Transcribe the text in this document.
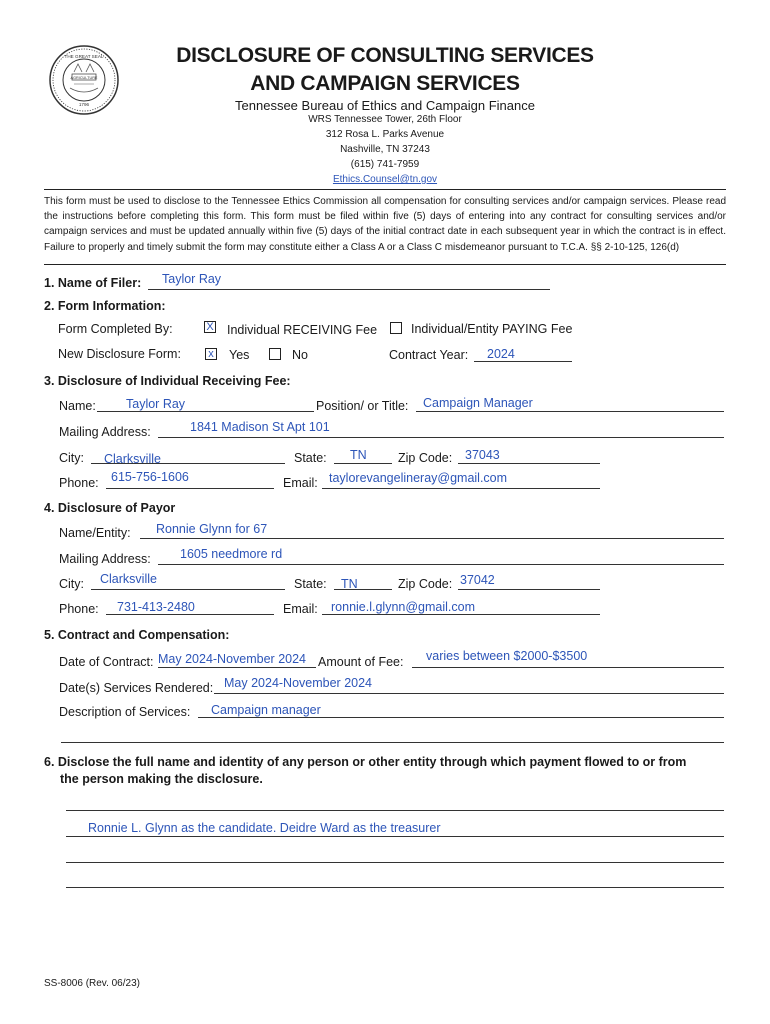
THE GREAT SEAL
AGRICULTURE
1796
DISCLOSURE OF CONSULTING SERVICES
AND CAMPAIGN SERVICES
Tennessee Bureau of Ethics and Campaign Finance
WRS Tennessee Tower, 26th Floor
312 Rosa L. Parks Avenue
Nashville, TN 37243
(615) 741-7959
Ethics.Counsel@tn.gov
This form must be used to disclose to the Tennessee Ethics Commission all compensation for consulting services and/or campaign services. Please read the instructions before completing this form. This form must be filed within five (5) days of entering into any contract for consulting services and/or campaign services and must be updated annually within five (5) days of the initial contract date in each subsequent year in which the contract is in effect. Failure to properly and timely submit the form may constitute either a Class A or a Class C misdemeanor pursuant to T.C.A. §§ 2-10-125, 126(d)
1. Name of Filer: Taylor Ray
2. Form Information:
Form Completed By:	X Individual RECEIVING Fee	Individual/Entity PAYING Fee
New Disclosure Form: x Yes	No	Contract Year: 2024
3. Disclosure of Individual Receiving Fee:
Name: Taylor Ray	Position/ or Title: Campaign Manager
Mailing Address:	1841 Madison St Apt 101
City: Clarksville	State: TN	Zip Code: 37043
Phone: 615-756-1606	Email: taylorevangelineray@gmail.com
4. Disclosure of Payor
Name/Entity: Ronnie Glynn for 67
Mailing Address: 1605 needmore rd
City: Clarksville	State: TN	Zip Code: 37042
Phone: 731-413-2480	Email: ronnie.l.glynn@gmail.com
5. Contract and Compensation:
Date of Contract: May 2024-November 2024 Amount of Fee: varies between $2000-$3500
Date(s) Services Rendered: May 2024-November 2024
Description of Services: Campaign manager
6. Disclose the full name and identity of any person or other entity through which payment flowed to or from
the person making the disclosure.
Ronnie L. Glynn as the candidate. Deidre Ward as the treasurer
SS-8006 (Rev. 06/23)
